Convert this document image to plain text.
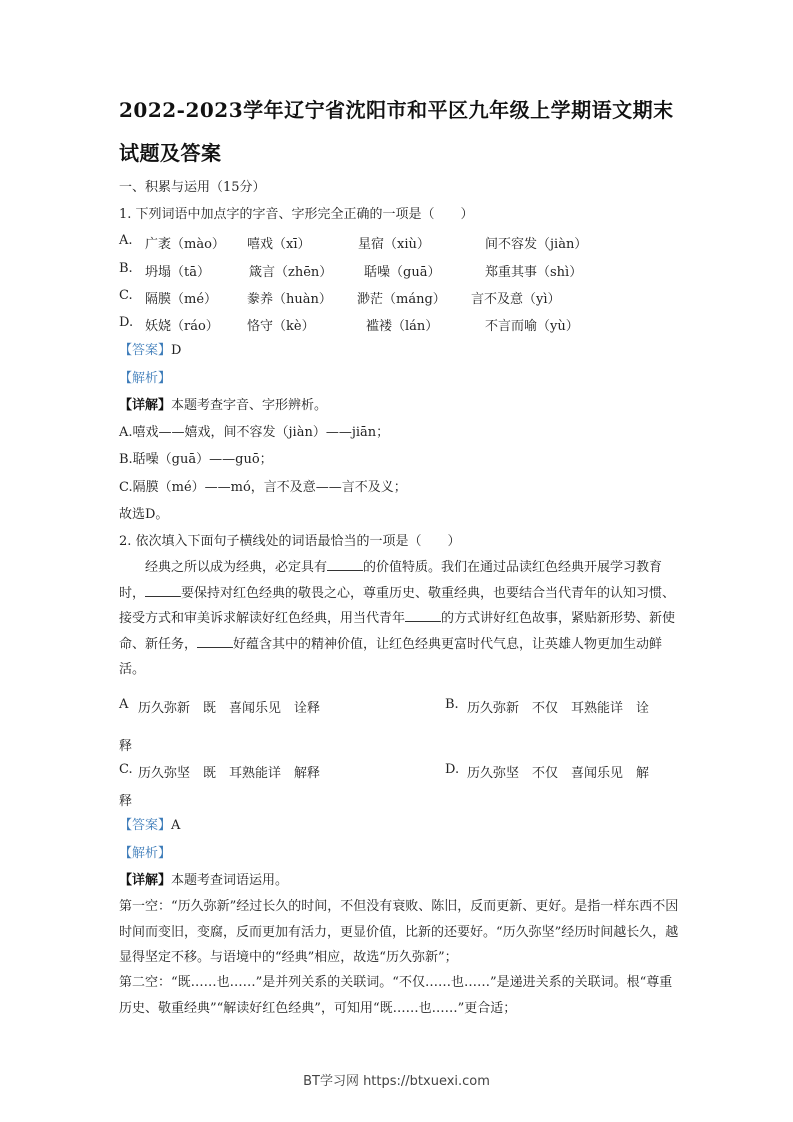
2022-2023学年辽宁省沈阳市和平区九年级上学期语文期末
试题及答案
一、积累与运用（15分）
1. 下列词语中加点字的字音、字形完全正确的一项是（　　）
A. 广袤（mào） 嘻戏（xī）	星宿（xiù）	间不容发（jiàn）
B. 坍塌（tā）	箴言（zhēn） 聒噪（guā）	郑重其事（shì）
C. 隔膜（mé） 豢养（huàn） 渺茫（máng） 言不及意（yì）
D. 妖娆（ráo） 恪守（kè）	褴褛（lán）	不言而喻（yù）
【答案】D
【解析】
【详解】本题考查字音、字形辨析。
A.嘻戏——嬉戏，间不容发（jiàn）——jiān；
B.聒噪（guā）——guō；
C.隔膜（mé）——mó，言不及意——言不及义；
故选D。
2. 依次填入下面句子横线处的词语最恰当的一项是（　　）
经典之所以成为经典，必定具有	的价值特质。我们在通过品读红色经典开展学习教育时，	要保持对红色经典的敬畏之心，尊重历史、敬重经典，也要结合当代青年的认知习惯、接受方式和审美诉求解读好红色经典，用当代青年	的方式讲好红色故事，紧贴新形势、新使命、新任务，	好蕴含其中的精神价值，让红色经典更富时代气息，让英雄人物更加生动鲜活。
A 历久弥新　既　喜闻乐见　诠释	B. 历久弥新　不仅　耳熟能详　诠
释
C. 历久弥坚　既　耳熟能详　解释	D. 历久弥坚　不仅　喜闻乐见　解
释
【答案】A
【解析】
【详解】本题考查词语运用。
第一空：“历久弥新”经过长久的时间，不但没有衰败、陈旧，反而更新、更好。是指一样东西不因时间而变旧，变腐，反而更加有活力，更显价值，比新的还要好。“历久弥坚”经历时间越长久，越显得坚定不移。与语境中的“经典”相应，故选“历久弥新”；
第二空：“既……也……”是并列关系的关联词。“不仅……也……”是递进关系的关联词。根“尊重历史、敬重经典”“解读好红色经典”，可知用“既……也……”更合适；
BT学习网 https://btxuexi.com
